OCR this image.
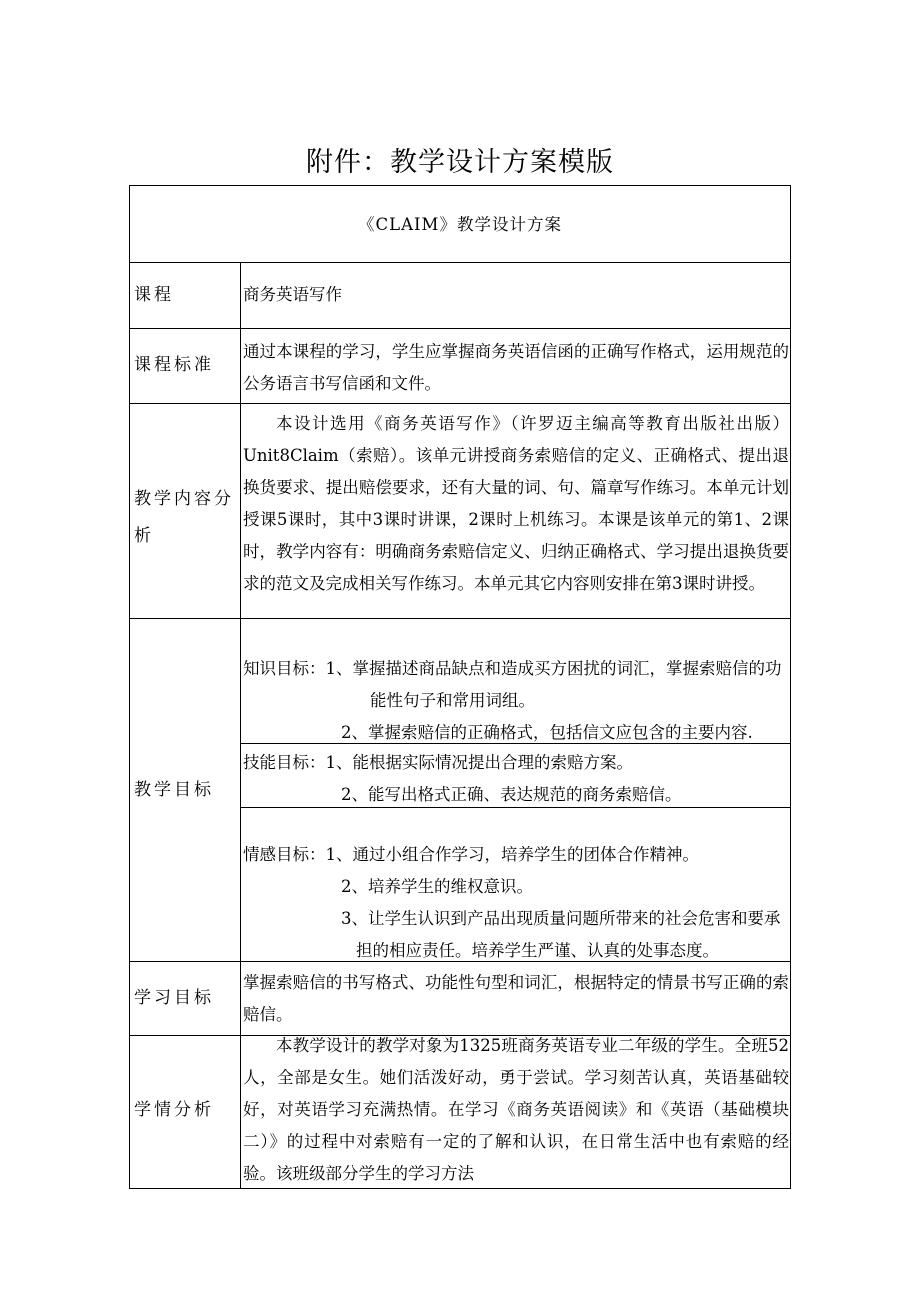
附件：教学设计方案模版
《CLAIM》教学设计方案
课程	商务英语写作
课程标准
通过本课程的学习，学生应掌握商务英语信函的正确写作格式，运用规范的公务语言书写信函和文件。
教学内容分析
本设计选用《商务英语写作》（许罗迈主编高等教育出版社出版）Unit8Claim（索赔）。该单元讲授商务索赔信的定义、正确格式、提出退换货要求、提出赔偿要求，还有大量的词、句、篇章写作练习。本单元计划授课5课时，其中3课时讲课，2课时上机练习。本课是该单元的第1、2课时，教学内容有：明确商务索赔信定义、归纳正确格式、学习提出退换货要求的范文及完成相关写作练习。本单元其它内容则安排在第3课时讲授。
教学目标
知识目标：1、掌握描述商品缺点和造成买方困扰的词汇，掌握索赔信的功
能性句子和常用词组。
2、掌握索赔信的正确格式，包括信文应包含的主要内容.
技能目标：1、能根据实际情况提出合理的索赔方案。
2、能写出格式正确、表达规范的商务索赔信。
情感目标：1、通过小组合作学习，培养学生的团体合作精神。
2、培养学生的维权意识。
3、让学生认识到产品出现质量问题所带来的社会危害和要承
担的相应责任。培养学生严谨、认真的处事态度。
学习目标
掌握索赔信的书写格式、功能性句型和词汇，根据特定的情景书写正确的索赔信。
学情分析
本教学设计的教学对象为1325班商务英语专业二年级的学生。全班52人，全部是女生。她们活泼好动，勇于尝试。学习刻苦认真，英语基础较好，对英语学习充满热情。在学习《商务英语阅读》和《英语（基础模块二）》的过程中对索赔有一定的了解和认识，在日常生活中也有索赔的经验。该班级部分学生的学习方法
